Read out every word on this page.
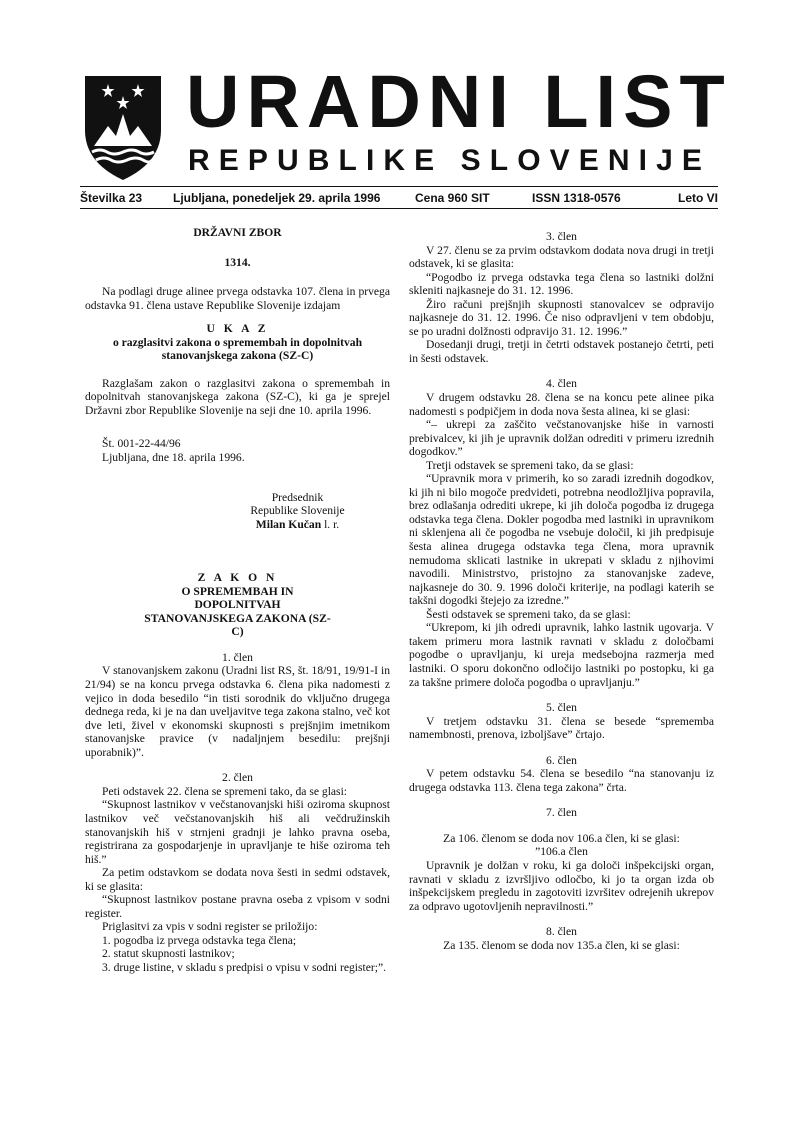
URADNI LIST
REPUBLIKE SLOVENIJE
Številka 23	Ljubljana, ponedeljek 29. aprila 1996	Cena 960 SIT	ISSN 1318-0576	Leto VI

DRŽAVNI ZBOR

1314.

Na podlagi druge alinee prvega odstavka 107. člena in prvega odstavka 91. člena ustave Republike Slovenije izdajam

U K A Z

o razglasitvi zakona o spremembah in dopolnitvah stanovanjskega zakona (SZ-C)

Razglašam zakon o razglasitvi zakona o spremembah in dopolnitvah stanovanjskega zakona (SZ-C), ki ga je sprejel Državni zbor Republike Slovenije na seji dne 10. aprila 1996.

Št. 001-22-44/96

Ljubljana, dne 18. aprila 1996.

Predsednik
Republike Slovenije
Milan Kučan l. r.

Z A K O N

O SPREMEMBAH IN DOPOLNITVAH STANOVANJSKEGA ZAKONA (SZ-C)

1. člen

V stanovanjskem zakonu (Uradni list RS, št. 18/91, 19/91-I in 21/94) se na koncu prvega odstavka 6. člena pika nadomesti z vejico in doda besedilo “in tisti sorodnik do vključno drugega dednega reda, ki je na dan uveljavitve tega zakona stalno, več kot dve leti, živel v ekonomski skupnosti s prejšnjim imetnikom stanovanjske pravice (v nadaljnjem besedilu: prejšnji uporabnik)”.

2. člen

Peti odstavek 22. člena se spremeni tako, da se glasi:

“Skupnost lastnikov v večstanovanjski hiši oziroma skupnost lastnikov več večstanovanjskih hiš ali večdružinskih stanovanjskih hiš v strnjeni gradnji je lahko pravna oseba, registrirana za gospodarjenje in upravljanje te hiše oziroma teh hiš.”

Za petim odstavkom se dodata nova šesti in sedmi odstavek, ki se glasita:

“Skupnost lastnikov postane pravna oseba z vpisom v sodni register.

Priglasitvi za vpis v sodni register se priložijo:

1. pogodba iz prvega odstavka tega člena;

2. statut skupnosti lastnikov;

3. druge listine, v skladu s predpisi o vpisu v sodni register;”.

3. člen

V 27. členu se za prvim odstavkom dodata nova drugi in tretji odstavek, ki se glasita:

“Pogodbo iz prvega odstavka tega člena so lastniki dolžni skleniti najkasneje do 31. 12. 1996.

Žiro računi prejšnjih skupnosti stanovalcev se odpravijo najkasneje do 31. 12. 1996. Če niso odpravljeni v tem obdobju, se po uradni dolžnosti odpravijo 31. 12. 1996.”

Dosedanji drugi, tretji in četrti odstavek postanejo četrti, peti in šesti odstavek.

4. člen

V drugem odstavku 28. člena se na koncu pete alinee pika nadomesti s podpičjem in doda nova šesta alinea, ki se glasi:

“– ukrepi za zaščito večstanovanjske hiše in varnosti prebivalcev, ki jih je upravnik dolžan odrediti v primeru izrednih dogodkov.”

Tretji odstavek se spremeni tako, da se glasi:

“Upravnik mora v primerih, ko so zaradi izrednih dogodkov, ki jih ni bilo mogoče predvideti, potrebna neodložljiva popravila, brez odlašanja odrediti ukrepe, ki jih določa pogodba iz drugega odstavka tega člena. Dokler pogodba med lastniki in upravnikom ni sklenjena ali če pogodba ne vsebuje določil, ki jih predpisuje šesta alinea drugega odstavka tega člena, mora upravnik nemudoma sklicati lastnike in ukrepati v skladu z njihovimi navodili. Ministrstvo, pristojno za stanovanjske zadeve, najkasneje do 30. 9. 1996 določi kriterije, na podlagi katerih se takšni dogodki štejejo za izredne.”

Šesti odstavek se spremeni tako, da se glasi:

“Ukrepom, ki jih odredi upravnik, lahko lastnik ugovarja. V takem primeru mora lastnik ravnati v skladu z določbami pogodbe o upravljanju, ki ureja medsebojna razmerja med lastniki. O sporu dokončno odločijo lastniki po postopku, ki ga za takšne primere določa pogodba o upravljanju.”

5. člen

V tretjem odstavku 31. člena se besede “sprememba namembnosti, prenova, izboljšave” črtajo.

6. člen

V petem odstavku 54. člena se besedilo “na stanovanju iz drugega odstavka 113. člena tega zakona” črta.

7. člen

Za 106. členom se doda nov 106.a člen, ki se glasi:

”106.a člen

Upravnik je dolžan v roku, ki ga določi inšpekcijski organ, ravnati v skladu z izvršljivo odločbo, ki jo ta organ izda ob inšpekcijskem pregledu in zagotoviti izvršitev odrejenih ukrepov za odpravo ugotovljenih nepravilnosti.”

8. člen

Za 135. členom se doda nov 135.a člen, ki se glasi:
